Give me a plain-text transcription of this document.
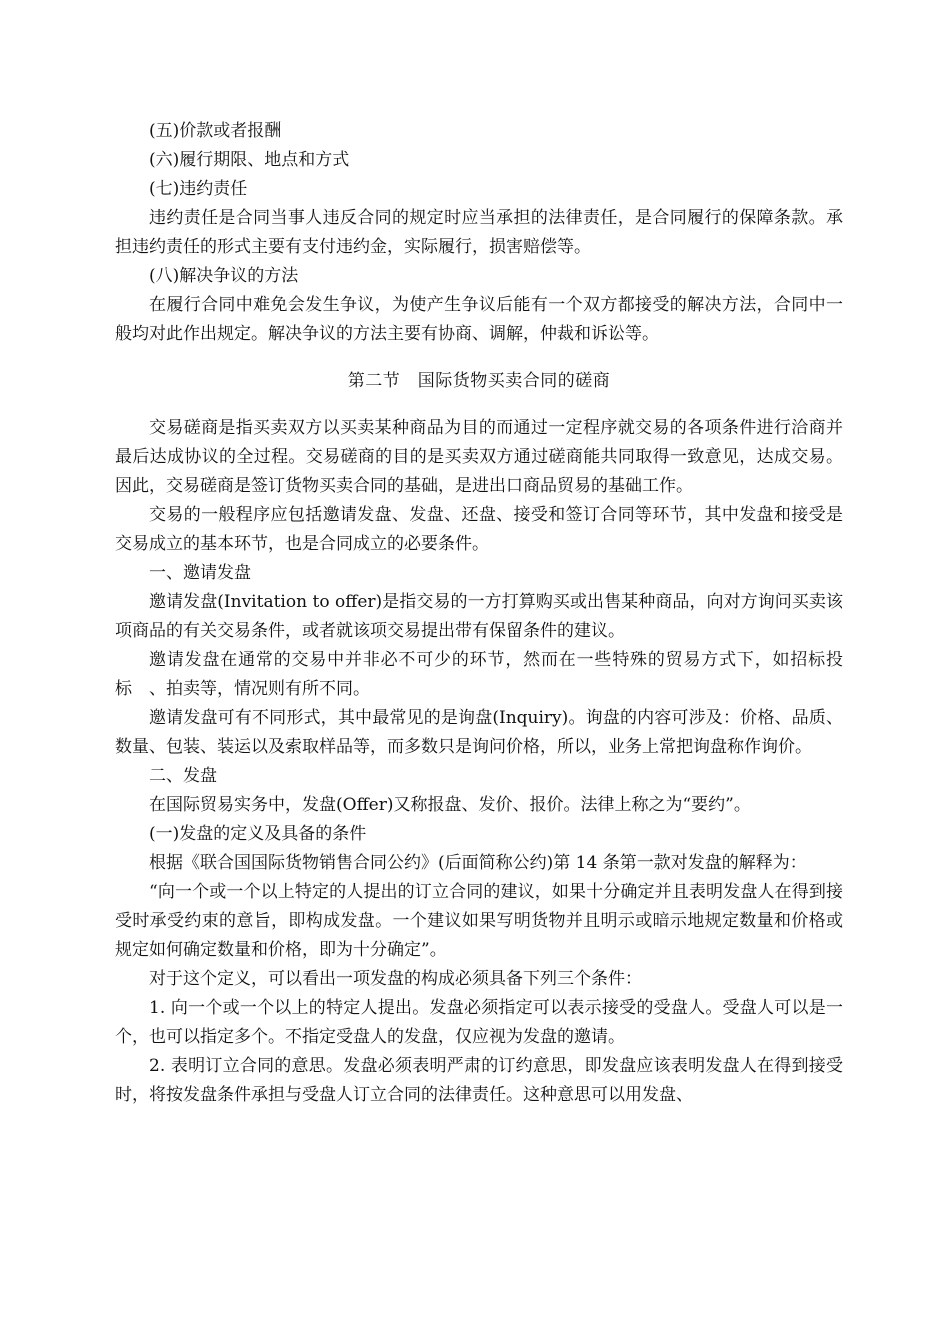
(五)价款或者报酬

(六)履行期限、地点和方式

(七)违约责任

违约责任是合同当事人违反合同的规定时应当承担的法律责任，是合同履行的保障条款。承担违约责任的形式主要有支付违约金，实际履行，损害赔偿等。

(八)解决争议的方法

在履行合同中难免会发生争议，为使产生争议后能有一个双方都接受的解决方法，合同中一般均对此作出规定。解决争议的方法主要有协商、调解，仲裁和诉讼等。

第二节　国际货物买卖合同的磋商

交易磋商是指买卖双方以买卖某种商品为目的而通过一定程序就交易的各项条件进行洽商并最后达成协议的全过程。交易磋商的目的是买卖双方通过磋商能共同取得一致意见，达成交易。因此，交易磋商是签订货物买卖合同的基础，是进出口商品贸易的基础工作。

交易的一般程序应包括邀请发盘、发盘、还盘、接受和签订合同等环节，其中发盘和接受是交易成立的基本环节，也是合同成立的必要条件。

一、邀请发盘

邀请发盘(Invitation to offer)是指交易的一方打算购买或出售某种商品，向对方询问买卖该项商品的有关交易条件，或者就该项交易提出带有保留条件的建议。

邀请发盘在通常的交易中并非必不可少的环节，然而在一些特殊的贸易方式下，如招标投标　、拍卖等，情况则有所不同。

邀请发盘可有不同形式，其中最常见的是询盘(Inquiry)。询盘的内容可涉及：价格、品质、数量、包装、装运以及索取样品等，而多数只是询问价格，所以，业务上常把询盘称作询价。

二、发盘

在国际贸易实务中，发盘(Offer)又称报盘、发价、报价。法律上称之为“要约”。

(一)发盘的定义及具备的条件

根据《联合国国际货物销售合同公约》(后面简称公约)第 14 条第一款对发盘的解释为：

“向一个或一个以上特定的人提出的订立合同的建议，如果十分确定并且表明发盘人在得到接受时承受约束的意旨，即构成发盘。一个建议如果写明货物并且明示或暗示地规定数量和价格或规定如何确定数量和价格，即为十分确定”。

对于这个定义，可以看出一项发盘的构成必须具备下列三个条件：

1. 向一个或一个以上的特定人提出。发盘必须指定可以表示接受的受盘人。受盘人可以是一个，也可以指定多个。不指定受盘人的发盘，仅应视为发盘的邀请。

2. 表明订立合同的意思。发盘必须表明严肃的订约意思，即发盘应该表明发盘人在得到接受时，将按发盘条件承担与受盘人订立合同的法律责任。这种意思可以用发盘、
